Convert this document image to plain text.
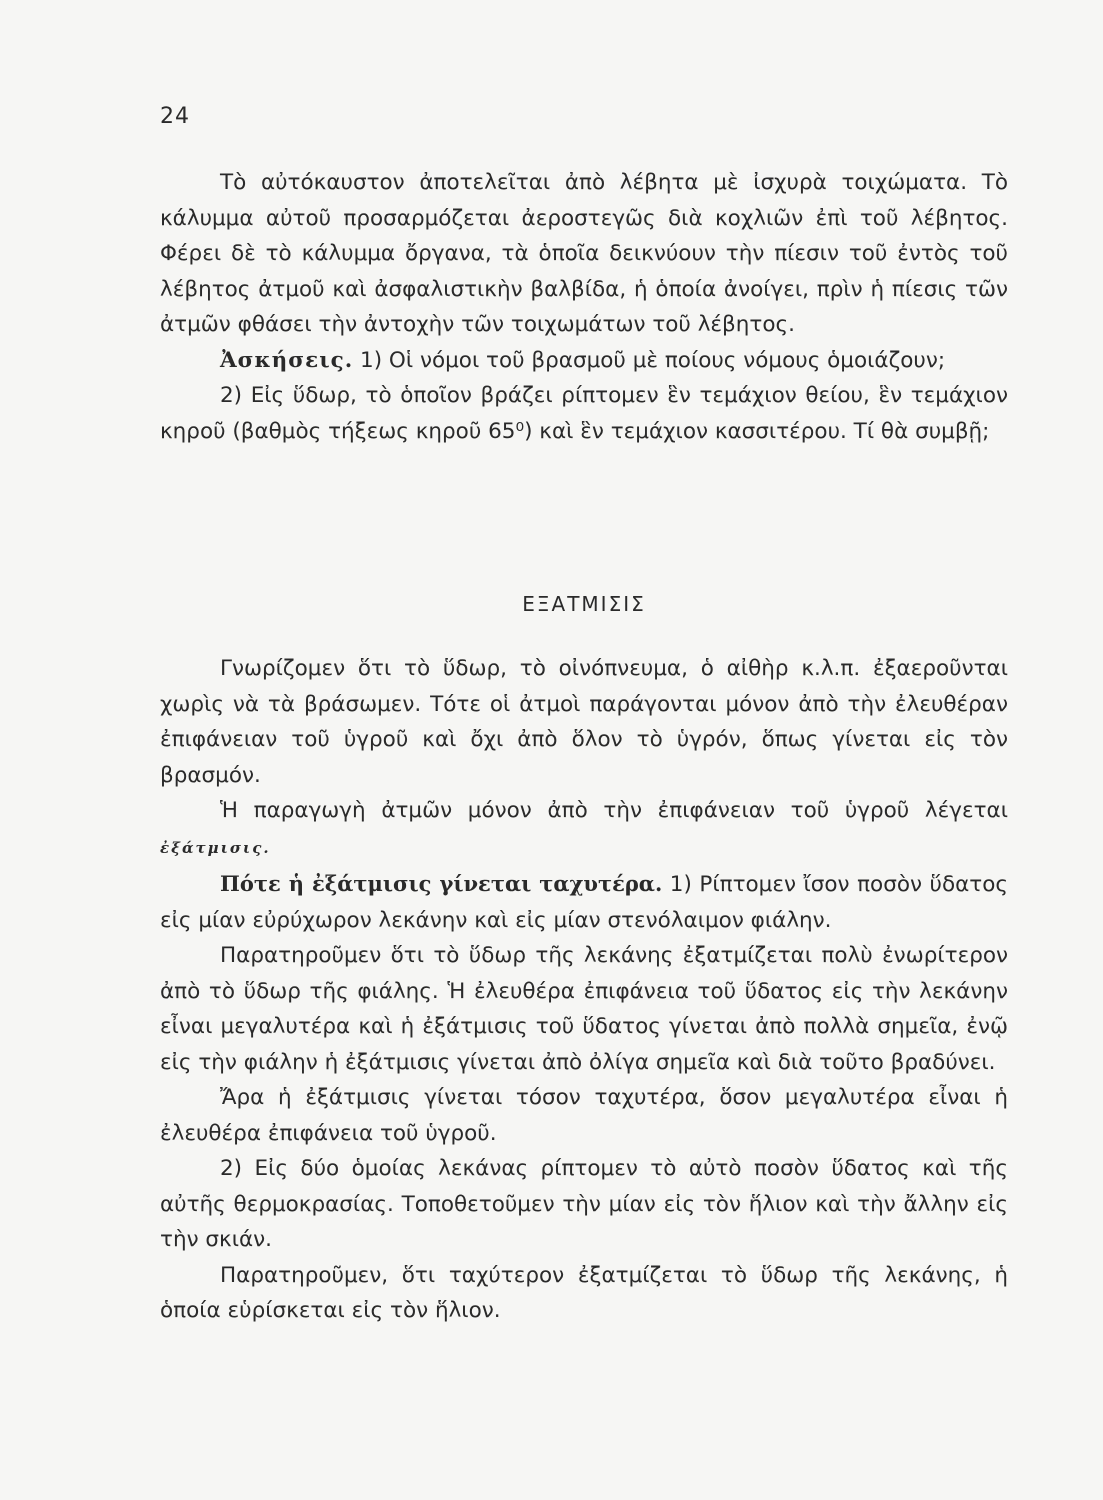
24

Τὸ αὐτόκαυστον ἀποτελεῖται ἀπὸ λέβητα μὲ ἰσχυρὰ τοιχώματα. Τὸ κάλυμμα αὐτοῦ προσαρμόζεται ἀεροστεγῶς διὰ κοχλιῶν ἐπὶ τοῦ λέβητος. Φέρει δὲ τὸ κάλυμμα ὄργανα, τὰ ὁποῖα δεικνύουν τὴν πίεσιν τοῦ ἐντὸς τοῦ λέβητος ἀτμοῦ καὶ ἀσφαλιστικὴν βαλβίδα, ἡ ὁποία ἀνοίγει, πρὶν ἡ πίεσις τῶν ἀτμῶν φθάσει τὴν ἀντοχὴν τῶν τοιχωμάτων τοῦ λέβητος.

Ἀσκήσεις. 1) Οἱ νόμοι τοῦ βρασμοῦ μὲ ποίους νόμους ὁμοιάζουν;

2) Εἰς ὕδωρ, τὸ ὁποῖον βράζει ρίπτομεν ἓν τεμάχιον θείου, ἓν τεμάχιον κηροῦ (βαθμὸς τήξεως κηροῦ 65⁰) καὶ ἓν τεμάχιον κασσιτέρου. Τί θὰ συμβῇ;

ΕΞΑΤΜΙΣΙΣ

Γνωρίζομεν ὅτι τὸ ὕδωρ, τὸ οἰνόπνευμα, ὁ αἰθὴρ κ.λ.π. ἐξαεροῦνται χωρὶς νὰ τὰ βράσωμεν. Τότε οἱ ἀτμοὶ παράγονται μόνον ἀπὸ τὴν ἐλευθέραν ἐπιφάνειαν τοῦ ὑγροῦ καὶ ὄχι ἀπὸ ὅλον τὸ ὑγρόν, ὅπως γίνεται εἰς τὸν βρασμόν.

Ἡ παραγωγὴ ἀτμῶν μόνον ἀπὸ τὴν ἐπιφάνειαν τοῦ ὑγροῦ λέγεται ἐξάτμισις.

Πότε ἡ ἐξάτμισις γίνεται ταχυτέρα. 1) Ρίπτομεν ἴσον ποσὸν ὕδατος εἰς μίαν εὐρύχωρον λεκάνην καὶ εἰς μίαν στενόλαιμον φιάλην.

Παρατηροῦμεν ὅτι τὸ ὕδωρ τῆς λεκάνης ἐξατμίζεται πολὺ ἐνωρίτερον ἀπὸ τὸ ὕδωρ τῆς φιάλης. Ἡ ἐλευθέρα ἐπιφάνεια τοῦ ὕδατος εἰς τὴν λεκάνην εἶναι μεγαλυτέρα καὶ ἡ ἐξάτμισις τοῦ ὕδατος γίνεται ἀπὸ πολλὰ σημεῖα, ἐνῷ εἰς τὴν φιάλην ἡ ἐξάτμισις γίνεται ἀπὸ ὀλίγα σημεῖα καὶ διὰ τοῦτο βραδύνει.

Ἄρα ἡ ἐξάτμισις γίνεται τόσον ταχυτέρα, ὅσον μεγαλυτέρα εἶναι ἡ ἐλευθέρα ἐπιφάνεια τοῦ ὑγροῦ.

2) Εἰς δύο ὁμοίας λεκάνας ρίπτομεν τὸ αὐτὸ ποσὸν ὕδατος καὶ τῆς αὐτῆς θερμοκρασίας. Τοποθετοῦμεν τὴν μίαν εἰς τὸν ἥλιον καὶ τὴν ἄλλην εἰς τὴν σκιάν.

Παρατηροῦμεν, ὅτι ταχύτερον ἐξατμίζεται τὸ ὕδωρ τῆς λεκάνης, ἡ ὁποία εὑρίσκεται εἰς τὸν ἥλιον.
